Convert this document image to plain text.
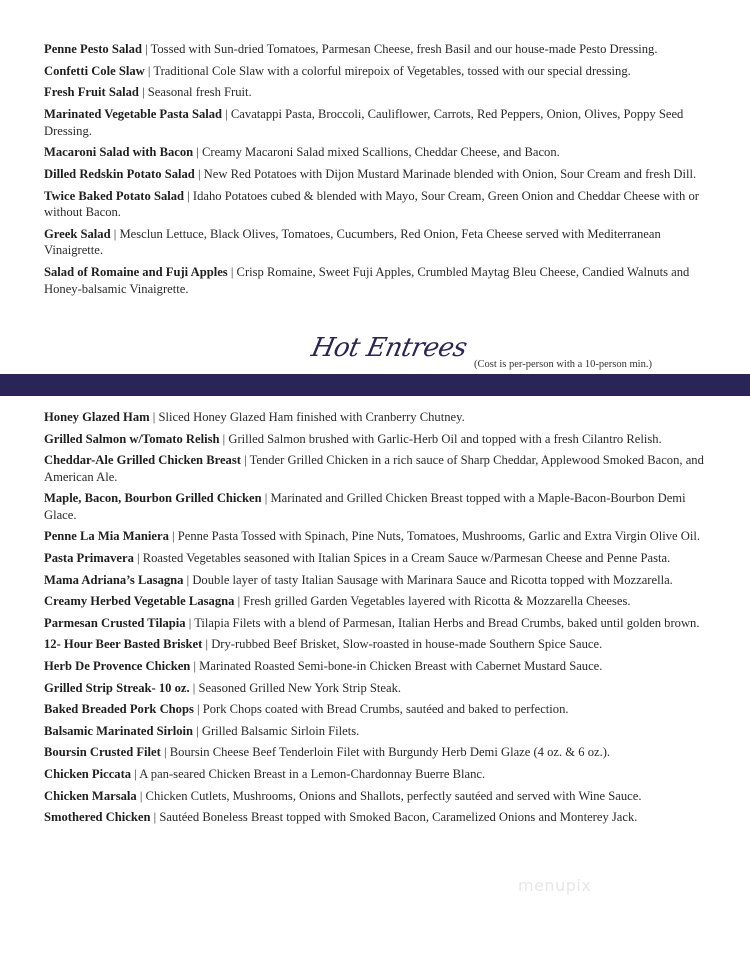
Penne Pesto Salad | Tossed with Sun-dried Tomatoes, Parmesan Cheese, fresh Basil and our house-made Pesto Dressing.

Confetti Cole Slaw | Traditional Cole Slaw with a colorful mirepoix of Vegetables, tossed with our special dressing.

Fresh Fruit Salad | Seasonal fresh Fruit.

Marinated Vegetable Pasta Salad | Cavatappi Pasta, Broccoli, Cauliflower, Carrots, Red Peppers, Onion, Olives, Poppy Seed Dressing.

Macaroni Salad with Bacon | Creamy Macaroni Salad mixed Scallions, Cheddar Cheese, and Bacon.

Dilled Redskin Potato Salad | New Red Potatoes with Dijon Mustard Marinade blended with Onion, Sour Cream and fresh Dill.

Twice Baked Potato Salad | Idaho Potatoes cubed & blended with Mayo, Sour Cream, Green Onion and Cheddar Cheese with or without Bacon.

Greek Salad | Mesclun Lettuce, Black Olives, Tomatoes, Cucumbers, Red Onion, Feta Cheese served with Mediterranean Vinaigrette.

Salad of Romaine and Fuji Apples | Crisp Romaine, Sweet Fuji Apples, Crumbled Maytag Bleu Cheese, Candied Walnuts and Honey-balsamic Vinaigrette.

Hot Entrees
(Cost is per-person with a 10-person min.)

Honey Glazed Ham | Sliced Honey Glazed Ham finished with Cranberry Chutney.

Grilled Salmon w/Tomato Relish | Grilled Salmon brushed with Garlic-Herb Oil and topped with a fresh Cilantro Relish.

Cheddar-Ale Grilled Chicken Breast | Tender Grilled Chicken in a rich sauce of Sharp Cheddar, Applewood Smoked Bacon, and American Ale.

Maple, Bacon, Bourbon Grilled Chicken | Marinated and Grilled Chicken Breast topped with a Maple-Bacon-Bourbon Demi Glace.

Penne La Mia Maniera | Penne Pasta Tossed with Spinach, Pine Nuts, Tomatoes, Mushrooms, Garlic and Extra Virgin Olive Oil.

Pasta Primavera | Roasted Vegetables seasoned with Italian Spices in a Cream Sauce w/Parmesan Cheese and Penne Pasta.

Mama Adriana’s Lasagna | Double layer of tasty Italian Sausage with Marinara Sauce and Ricotta topped with Mozzarella.

Creamy Herbed Vegetable Lasagna | Fresh grilled Garden Vegetables layered with Ricotta & Mozzarella Cheeses.

Parmesan Crusted Tilapia | Tilapia Filets with a blend of Parmesan, Italian Herbs and Bread Crumbs, baked until golden brown.

12- Hour Beer Basted Brisket | Dry-rubbed Beef Brisket, Slow-roasted in house-made Southern Spice Sauce.

Herb De Provence Chicken | Marinated Roasted Semi-bone-in Chicken Breast with Cabernet Mustard Sauce.

Grilled Strip Streak- 10 oz. | Seasoned Grilled New York Strip Steak.

Baked Breaded Pork Chops | Pork Chops coated with Bread Crumbs, sautéed and baked to perfection.

Balsamic Marinated Sirloin | Grilled Balsamic Sirloin Filets.

Boursin Crusted Filet | Boursin Cheese Beef Tenderloin Filet with Burgundy Herb Demi Glaze (4 oz. & 6 oz.).

Chicken Piccata | A pan-seared Chicken Breast in a Lemon-Chardonnay Buerre Blanc.

Chicken Marsala | Chicken Cutlets, Mushrooms, Onions and Shallots, perfectly sautéed and served with Wine Sauce.

Smothered Chicken | Sautéed Boneless Breast topped with Smoked Bacon, Caramelized Onions and Monterey Jack.

menupix
